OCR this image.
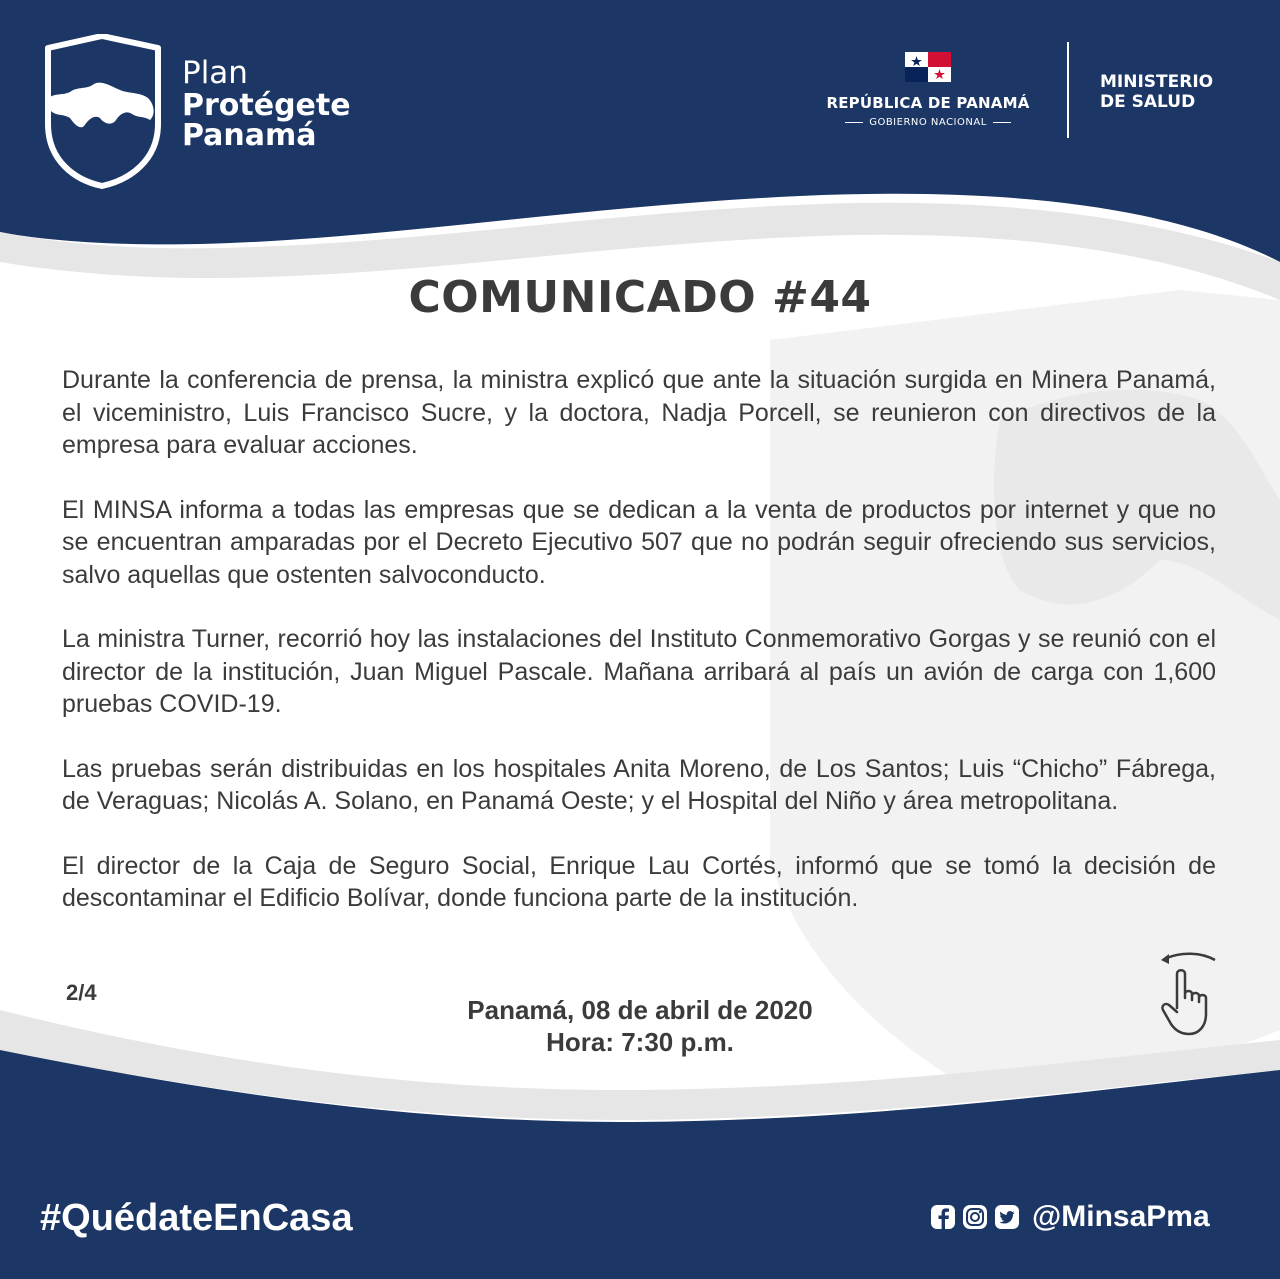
Plan
Protégete
Panamá
REPÚBLICA DE PANAMÁ
GOBIERNO NACIONAL
MINISTERIO
DE SALUD
COMUNICADO #44

Durante la conferencia de prensa, la ministra explicó que ante la situación surgida en Minera Panamá, el viceministro, Luis Francisco Sucre, y la doctora, Nadja Porcell, se reunieron con directivos de la empresa para evaluar acciones.

El MINSA informa a todas las empresas que se dedican a la venta de productos por internet y que no se encuentran amparadas por el Decreto Ejecutivo 507 que no podrán seguir ofreciendo sus servicios, salvo aquellas que ostenten salvoconducto.

La ministra Turner, recorrió hoy las instalaciones del Instituto Conmemorativo Gorgas y se reunió con el director de la institución, Juan Miguel Pascale. Mañana arribará al país un avión de carga con 1,600 pruebas COVID-19.

Las pruebas serán distribuidas en los hospitales Anita Moreno, de Los Santos; Luis “Chicho” Fábrega, de Veraguas; Nicolás A. Solano, en Panamá Oeste; y el Hospital del Niño y área metropolitana.

El director de la Caja de Seguro Social, Enrique Lau Cortés, informó que se tomó la decisión de descontaminar el Edificio Bolívar, donde funciona parte de la institución.

2/4
Panamá, 08 de abril de 2020
Hora: 7:30 p.m.
#QuédateEnCasa	@MinsaPma
